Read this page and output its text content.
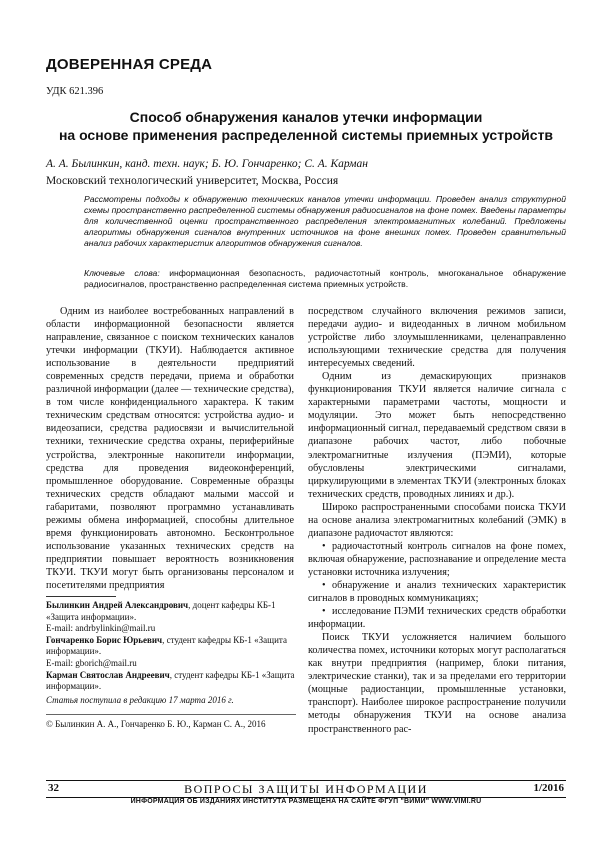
ДОВЕРЕННАЯ СРЕДА
УДК 621.396
Способ обнаружения каналов утечки информации
на основе применения распределенной системы приемных устройств
А. А. Былинкин, канд. техн. наук; Б. Ю. Гончаренко; С. А. Карман
Московский технологический университет, Москва, Россия
Рассмотрены подходы к обнаружению технических каналов утечки информации. Проведен анализ структурной схемы пространственно распределенной системы обнаружения радиосигналов на фоне помех. Введены параметры для количественной оценки пространственного распределения электромагнитных колебаний. Предложены алгоритмы обнаружения сигналов внутренних источников на фоне внешних помех. Проведен сравнительный анализ рабочих характеристик алгоритмов обнаружения сигналов.
Ключевые слова: информационная безопасность, радиочастотный контроль, многоканальное обнаружение радиосигналов, пространственно распределенная система приемных устройств.

Одним из наиболее востребованных направлений в области информационной безопасности является направление, связанное с поиском технических каналов утечки информации (ТКУИ). Наблюдается активное использование в деятельности предприятий современных средств передачи, приема и обработки различной информации (далее — технические средства), в том числе конфиденциального характера. К таким техническим средствам относятся: устройства аудио- и видеозаписи, средства радиосвязи и вычислительной техники, технические средства охраны, периферийные устройства, электронные накопители информации, средства для проведения видеоконференций, промышленное оборудование. Современные образцы технических средств обладают малыми массой и габаритами, позволяют программно устанавливать режимы обмена информацией, способны длительное время функционировать автономно. Бесконтрольное использование указанных технических средств на предприятии повышает вероятность возникновения ТКУИ. ТКУИ могут быть организованы персоналом и посетителями предприятия

посредством случайного включения режимов записи, передачи аудио- и видеоданных в личном мобильном устройстве либо злоумышленниками, целенаправленно использующими технические средства для получения интересуемых сведений.

Одним из демаскирующих признаков функционирования ТКУИ является наличие сигнала с характерными параметрами частоты, мощности и модуляции. Это может быть непосредственно информационный сигнал, передаваемый средством связи в диапазоне рабочих частот, либо побочные электромагнитные излучения (ПЭМИ), которые обусловлены электрическими сигналами, циркулирующими в элементах ТКУИ (электронных блоках технических средств, проводных линиях и др.).

Широко распространенными способами поиска ТКУИ на основе анализа электромагнитных колебаний (ЭМК) в диапазоне радиочастот являются:

• радиочастотный контроль сигналов на фоне помех, включая обнаружение, распознавание и определение места установки источника излучения;
• обнаружение и анализ технических характеристик сигналов в проводных коммуникациях;
• исследование ПЭМИ технических средств обработки информации.

Поиск ТКУИ усложняется наличием большого количества помех, источники которых могут располагаться как внутри предприятия (например, блоки питания, электрические станки), так и за пределами его территории (мощные радиостанции, промышленные установки, транспорт). Наиболее широкое распространение получили методы обнаружения ТКУИ на основе анализа пространственного рас-

Былинкин Андрей Александрович, доцент кафедры КБ-1 «Защита информации».
E-mail: andrbylinkin@mail.ru
Гончаренко Борис Юрьевич, студент кафедры КБ-1 «Защита информации».
E-mail: gborich@mail.ru
Карман Святослав Андреевич, студент кафедры КБ-1 «Защита информации».
Статья поступила в редакцию 17 марта 2016 г.
© Былинкин А. А., Гончаренко Б. Ю., Карман С. А., 2016
32	ВОПРОСЫ ЗАЩИТЫ ИНФОРМАЦИИ	1/2016
ИНФОРМАЦИЯ ОБ ИЗДАНИЯХ ИНСТИТУТА РАЗМЕЩЕНА НА САЙТЕ ФГУП "ВИМИ" WWW.VIMI.RU
